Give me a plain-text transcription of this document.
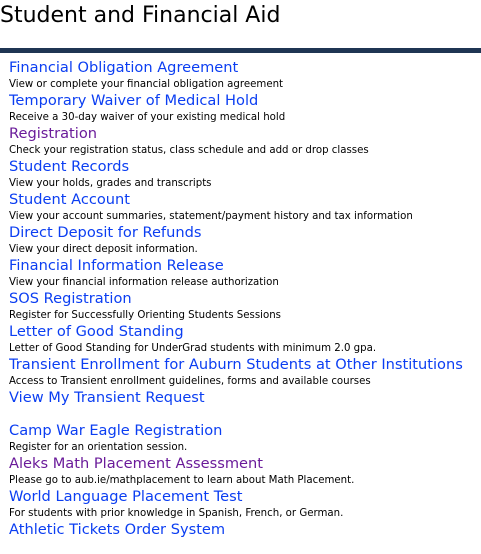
Student and Financial Aid
Financial Obligation Agreement
View or complete your financial obligation agreement
Temporary Waiver of Medical Hold
Receive a 30-day waiver of your existing medical hold
Registration
Check your registration status, class schedule and add or drop classes
Student Records
View your holds, grades and transcripts
Student Account
View your account summaries, statement/payment history and tax information
Direct Deposit for Refunds
View your direct deposit information.
Financial Information Release
View your financial information release authorization
SOS Registration
Register for Successfully Orienting Students Sessions
Letter of Good Standing
Letter of Good Standing for UnderGrad students with minimum 2.0 gpa.
Transient Enrollment for Auburn Students at Other Institutions
Access to Transient enrollment guidelines, forms and available courses
View My Transient Request
Camp War Eagle Registration
Register for an orientation session.
Aleks Math Placement Assessment
Please go to aub.ie/mathplacement to learn about Math Placement.
World Language Placement Test
For students with prior knowledge in Spanish, French, or German.
Athletic Tickets Order System
